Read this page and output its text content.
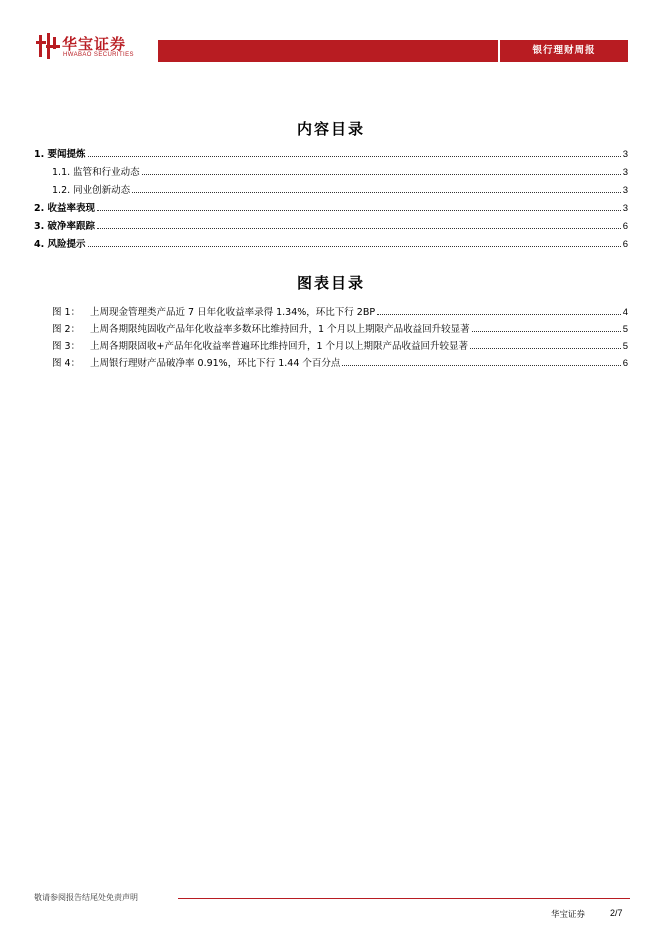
华宝证券
HWABAO SECURITIES	银行理财周报
内容目录
1. 要闻提炼	3
1.1. 监管和行业动态	3
1.2. 同业创新动态	3
2. 收益率表现	3
3. 破净率跟踪	6
4. 风险提示	6
图表目录
图 1：	上周现金管理类产品近 7 日年化收益率录得 1.34%，环比下行 2BP	4
图 2：	上周各期限纯固收产品年化收益率多数环比维持回升，1 个月以上期限产品收益回升较显著	5
图 3：	上周各期限固收+产品年化收益率普遍环比维持回升，1 个月以上期限产品收益回升较显著	5
图 4：	上周银行理财产品破净率 0.91%，环比下行 1.44 个百分点	6
敬请参阅报告结尾处免责声明
华宝证券	2/7
